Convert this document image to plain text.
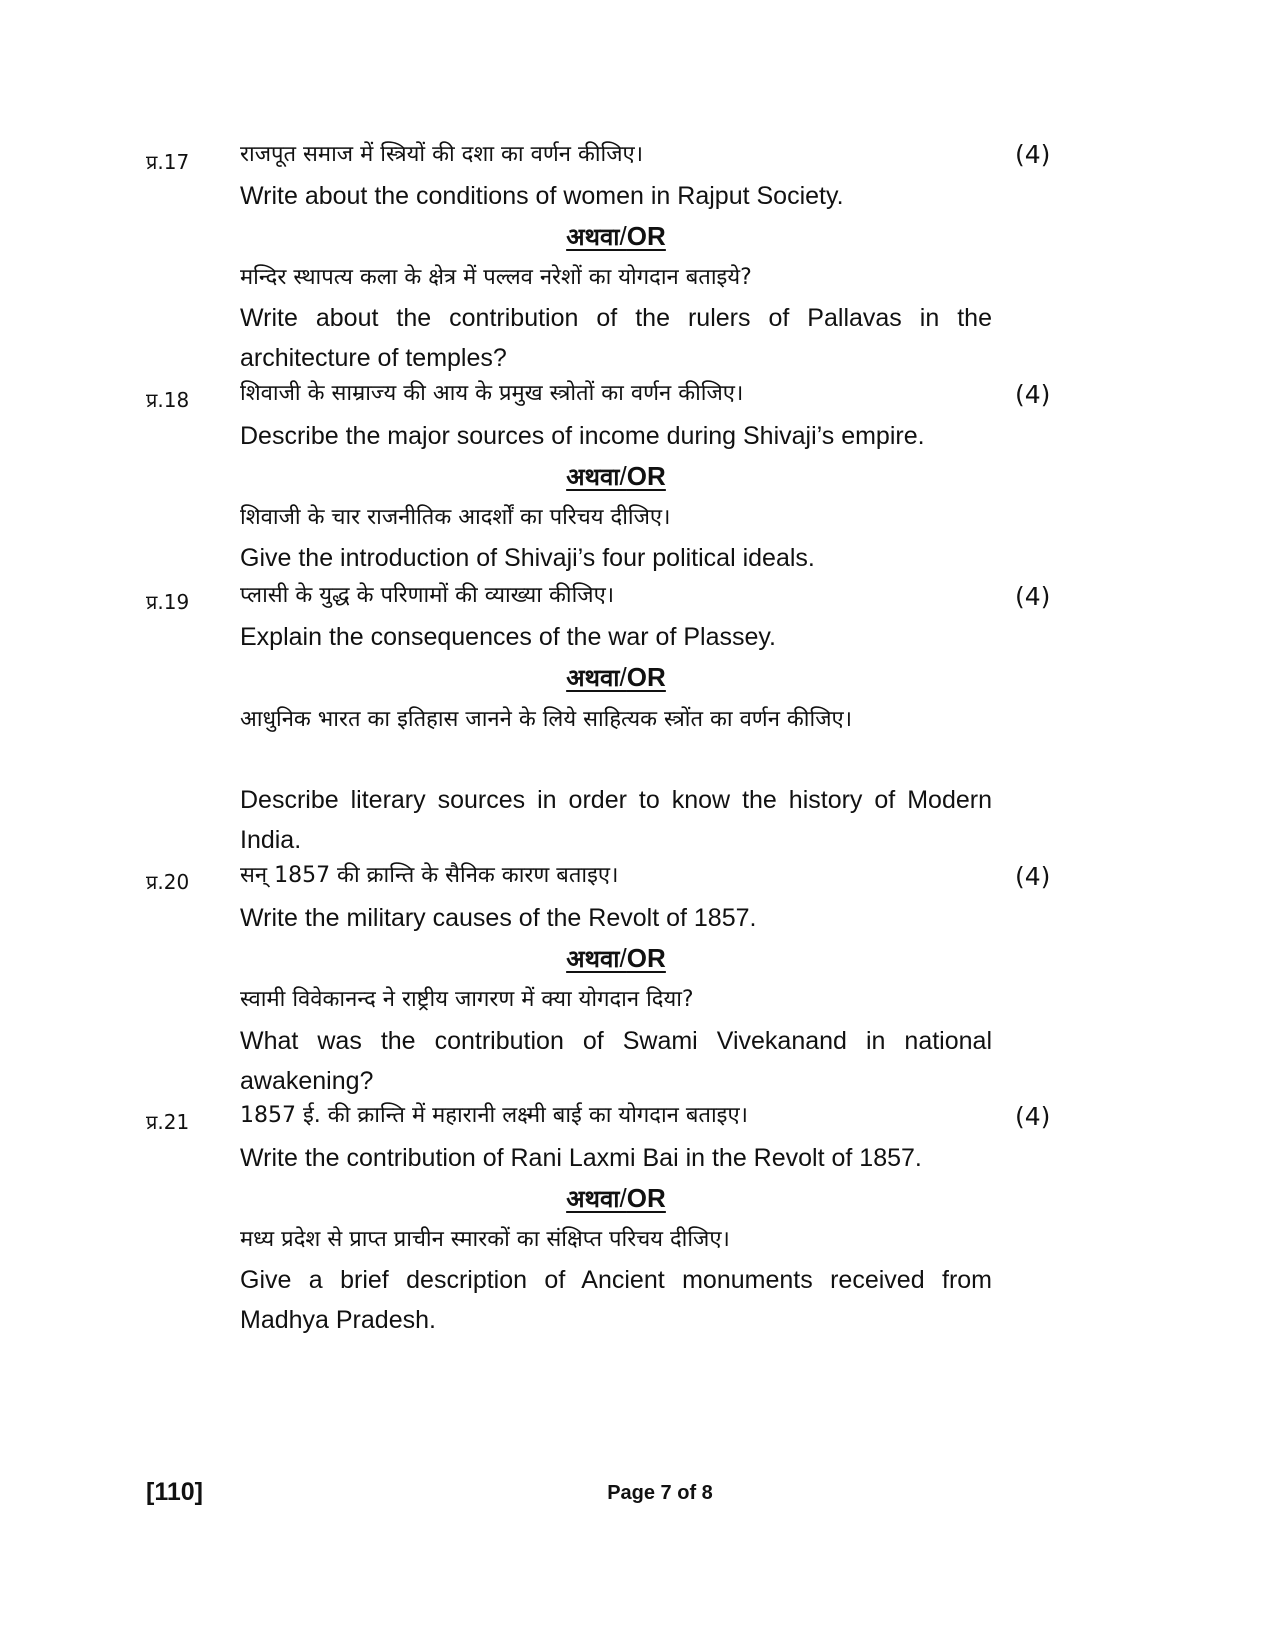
प्र.17 राजपूत समाज में स्त्रियों की दशा का वर्णन कीजिए।	(4)

Write about the conditions of women in Rajput Society.

अथवा/OR

मन्दिर स्थापत्य कला के क्षेत्र में पल्लव नरेशों का योगदान बताइये?

Write about the contribution of the rulers of Pallavas in the architecture of temples?

प्र.18 शिवाजी के साम्राज्य की आय के प्रमुख स्त्रोतों का वर्णन कीजिए।	(4)

Describe the major sources of income during Shivaji’s empire.

अथवा/OR

शिवाजी के चार राजनीतिक आदर्शों का परिचय दीजिए।

Give the introduction of Shivaji’s four political ideals.

प्र.19 प्लासी के युद्ध के परिणामों की व्याख्या कीजिए।	(4)

Explain the consequences of the war of Plassey.

अथवा/OR

आधुनिक भारत का इतिहास जानने के लिये साहित्यक स्त्रोंत का वर्णन कीजिए।

Describe literary sources in order to know the history of Modern India.

प्र.20 सन् 1857 की क्रान्ति के सैनिक कारण बताइए।	(4)

Write the military causes of the Revolt of 1857.

अथवा/OR

स्वामी विवेकानन्द ने राष्ट्रीय जागरण में क्या योगदान दिया?

What was the contribution of Swami Vivekanand in national awakening?

प्र.21 1857 ई. की क्रान्ति में महारानी लक्ष्मी बाई का योगदान बताइए।	(4)

Write the contribution of Rani Laxmi Bai in the Revolt of 1857.

अथवा/OR

मध्य प्रदेश से प्राप्त प्राचीन स्मारकों का संक्षिप्त परिचय दीजिए।

Give a brief description of Ancient monuments received from Madhya Pradesh.

[110]	Page 7 of 8
